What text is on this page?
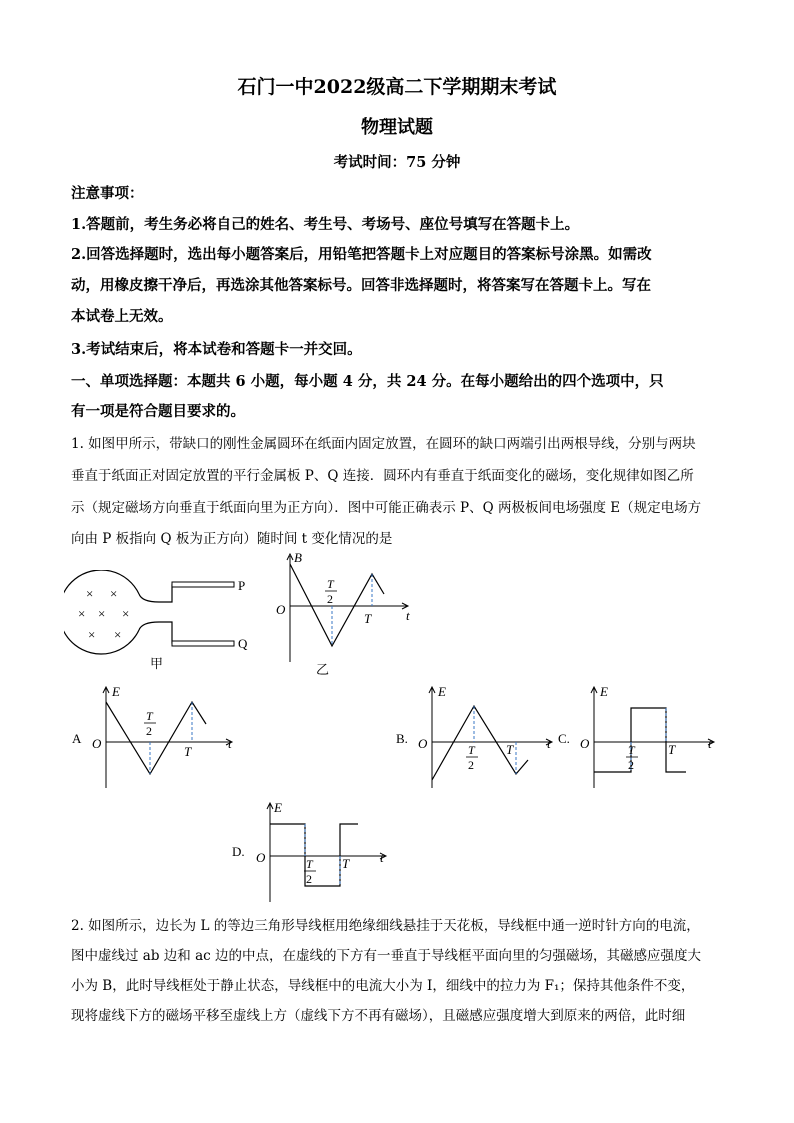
石门一中2022级高二下学期期末考试
物理试题
考试时间：75 分钟
注意事项：
1.答题前，考生务必将自己的姓名、考生号、考场号、座位号填写在答题卡上。
2.回答选择题时，选出每小题答案后，用铅笔把答题卡上对应题目的答案标号涂黑。如需改
动，用橡皮擦干净后，再选涂其他答案标号。回答非选择题时，将答案写在答题卡上。写在
本试卷上无效。
3.考试结束后，将本试卷和答题卡一并交回。
一、单项选择题：本题共 6 小题，每小题 4 分，共 24 分。在每小题给出的四个选项中，只
有一项是符合题目要求的。
1. 如图甲所示，带缺口的刚性金属圆环在纸面内固定放置，在圆环的缺口两端引出两根导线，分别与两块
垂直于纸面正对固定放置的平行金属板 P、Q 连接．圆环内有垂直于纸面变化的磁场，变化规律如图乙所
示（规定磁场方向垂直于纸面向里为正方向）．图中可能正确表示 P、Q 两极板间电场强度 E（规定电场方
向由 P 板指向 Q 板为正方向）随时间 t 变化情况的是
× ×
× × ×
× ×
P
Q
甲
B
t
O
T
2
T
乙
A
E
t
O
T
2
T
B.
E
t
O	T
2
T
C.
E
t
O	T
2
T
D.
E
t
O	T
2
T
2. 如图所示，边长为 L 的等边三角形导线框用绝缘细线悬挂于天花板，导线框中通一逆时针方向的电流，
图中虚线过 ab 边和 ac 边的中点，在虚线的下方有一垂直于导线框平面向里的匀强磁场，其磁感应强度大
小为 B，此时导线框处于静止状态，导线框中的电流大小为 I，细线中的拉力为 F₁；保持其他条件不变，
现将虚线下方的磁场平移至虚线上方（虚线下方不再有磁场），且磁感应强度增大到原来的两倍，此时细
